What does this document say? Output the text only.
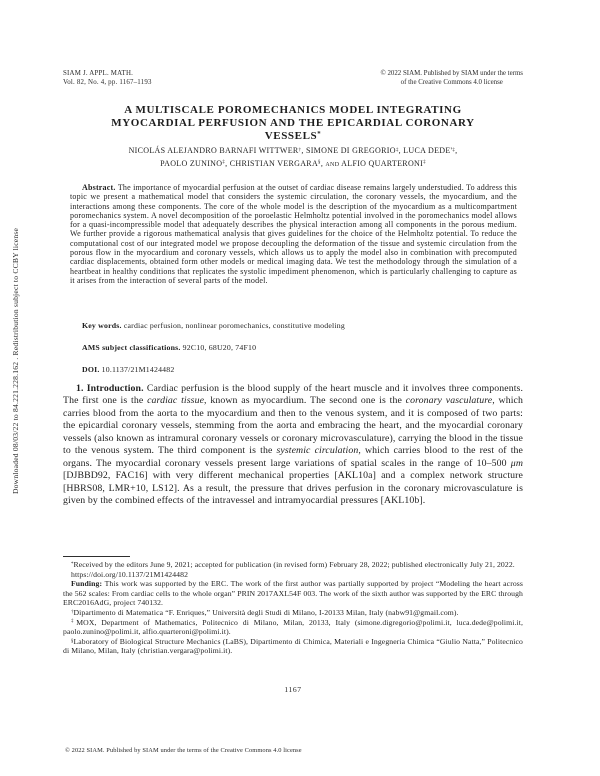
Downloaded 08/03/22 to 84.221.228.162 . Redistribution subject to CCBY license
SIAM J. APPL. MATH.
Vol. 82, No. 4, pp. 1167–1193
© 2022 SIAM. Published by SIAM under the terms
of the Creative Commons 4.0 license
A MULTISCALE POROMECHANICS MODEL INTEGRATING
MYOCARDIAL PERFUSION AND THE EPICARDIAL CORONARY
VESSELS*
NICOLÁS ALEJANDRO BARNAFI WITTWER†, SIMONE DI GREGORIO‡, LUCA DEDE'‡,
PAOLO ZUNINO‡, CHRISTIAN VERGARA§, and ALFIO QUARTERONI‡
Abstract. The importance of myocardial perfusion at the outset of cardiac disease remains largely understudied. To address this topic we present a mathematical model that considers the systemic circulation, the coronary vessels, the myocardium, and the interactions among these components. The core of the whole model is the description of the myocardium as a multicompartment poromechanics system. A novel decomposition of the poroelastic Helmholtz potential involved in the poromechanics model allows for a quasi-incompressible model that adequately describes the physical interaction among all components in the porous medium. We further provide a rigorous mathematical analysis that gives guidelines for the choice of the Helmholtz potential. To reduce the computational cost of our integrated model we propose decoupling the deformation of the tissue and systemic circulation from the porous flow in the myocardium and coronary vessels, which allows us to apply the model also in combination with precomputed cardiac displacements, obtained form other models or medical imaging data. We test the methodology through the simulation of a heartbeat in healthy conditions that replicates the systolic impediment phenomenon, which is particularly challenging to capture as it arises from the interaction of several parts of the model.
Key words. cardiac perfusion, nonlinear poromechanics, constitutive modeling
AMS subject classifications. 92C10, 68U20, 74F10
DOI. 10.1137/21M1424482
1. Introduction. Cardiac perfusion is the blood supply of the heart muscle and it involves three components. The first one is the cardiac tissue, known as myocardium. The second one is the coronary vasculature, which carries blood from the aorta to the myocardium and then to the venous system, and it is composed of two parts: the epicardial coronary vessels, stemming from the aorta and embracing the heart, and the myocardial coronary vessels (also known as intramural coronary vessels or coronary microvasculature), carrying the blood in the tissue to the venous system. The third component is the systemic circulation, which carries blood to the rest of the organs. The myocardial coronary vessels present large variations of spatial scales in the range of 10–500 μm [DJBBD92, FAC16] with very different mechanical properties [AKL10a] and a complex network structure [HBRS08, LMR+10, LS12]. As a result, the pressure that drives perfusion in the coronary microvasculature is given by the combined effects of the intravessel and intramyocardial pressures [AKL10b].

*Received by the editors June 9, 2021; accepted for publication (in revised form) February 28, 2022; published electronically July 21, 2022.

https://doi.org/10.1137/21M1424482

Funding: This work was supported by the ERC. The work of the first author was partially supported by project “Modeling the heart across the 562 scales: From cardiac cells to the whole organ” PRIN 2017AXL54F 003. The work of the sixth author was supported by the ERC through ERC2016AdG, project 740132.

†Dipartimento di Matematica “F. Enriques,” Università degli Studi di Milano, I-20133 Milan, Italy (nabw91@gmail.com).

‡MOX, Department of Mathematics, Politecnico di Milano, Milan, 20133, Italy (simone.digregorio@polimi.it, luca.dede@polimi.it, paolo.zunino@polimi.it, alfio.quarteroni@polimi.it).

§Laboratory of Biological Structure Mechanics (LaBS), Dipartimento di Chimica, Materiali e Ingegneria Chimica “Giulio Natta,” Politecnico di Milano, Milan, Italy (christian.vergara@polimi.it).

1167
© 2022 SIAM. Published by SIAM under the terms of the Creative Commons 4.0 license
